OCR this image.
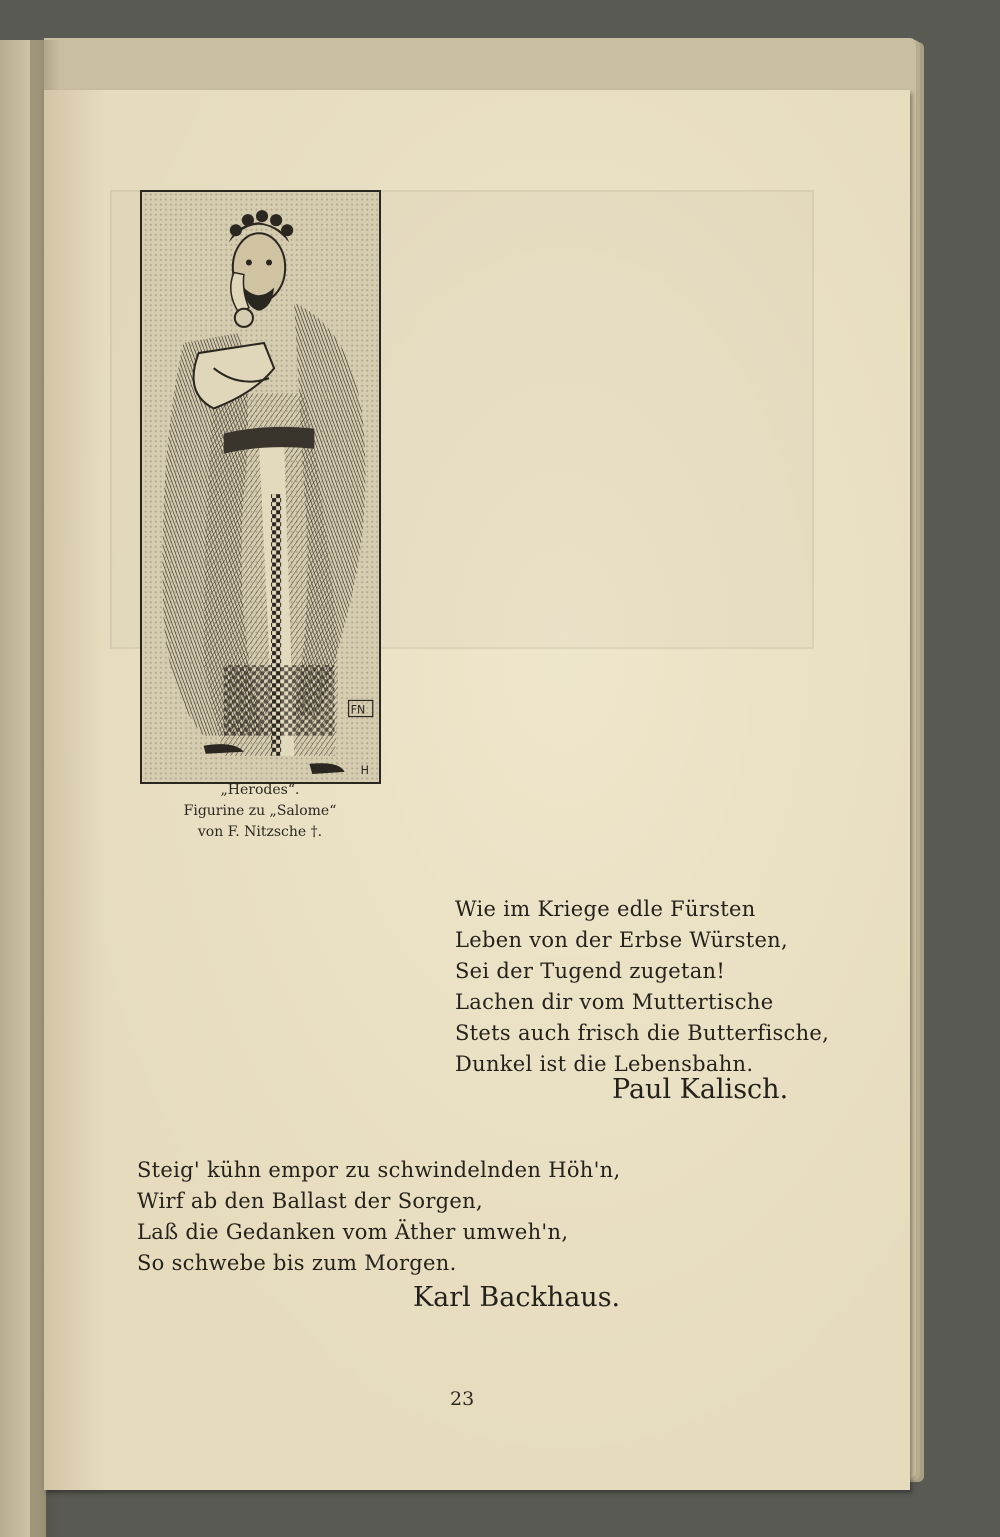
FN
H
„Herodes“.
Figurine zu „Salome“
von F. Nitzsche †.
Wie im Kriege edle Fürsten
Leben von der Erbse Würsten,
Sei der Tugend zugetan!
Lachen dir vom Muttertische
Stets auch frisch die Butterfische,
Dunkel ist die Lebensbahn.
Paul Kalisch.
Steig' kühn empor zu schwindelnden Höh'n,
Wirf ab den Ballast der Sorgen,
Laß die Gedanken vom Äther umweh'n,
So schwebe bis zum Morgen.
Karl Backhaus.
23
